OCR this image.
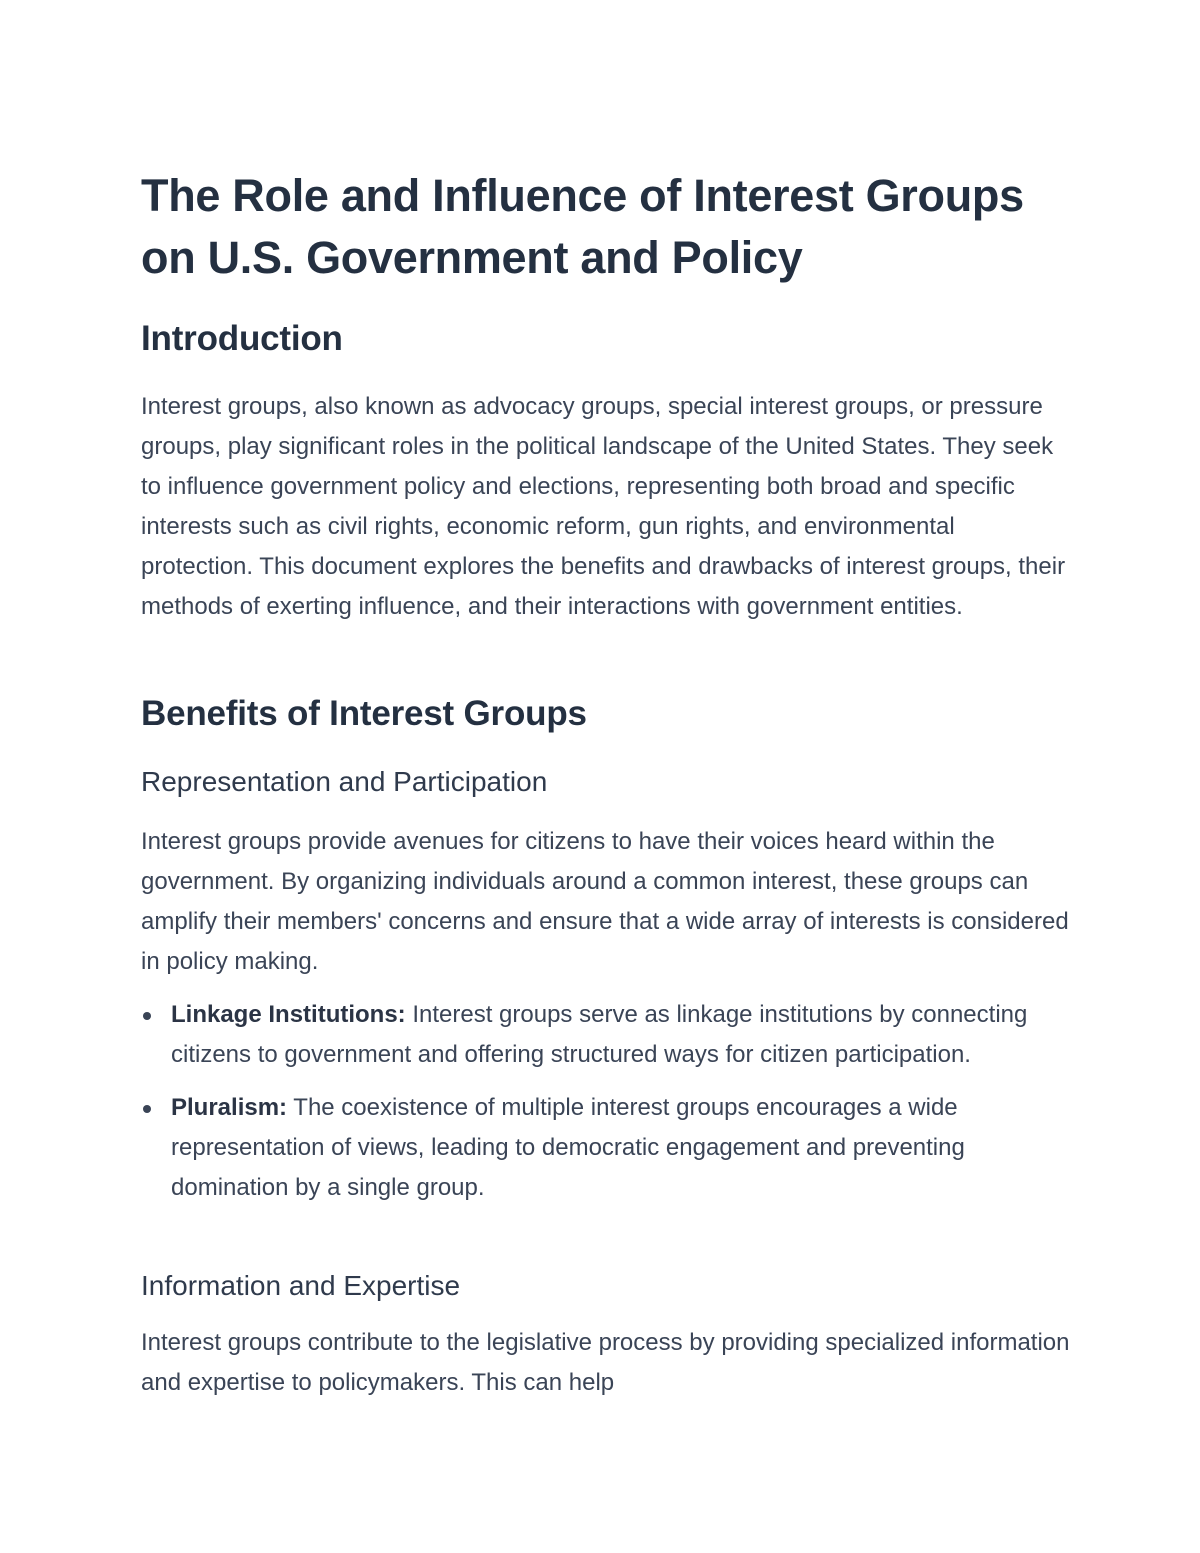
The Role and Influence of Interest Groups on U.S. Government and Policy
Introduction

Interest groups, also known as advocacy groups, special interest groups, or pressure groups, play significant roles in the political landscape of the United States. They seek to influence government policy and elections, representing both broad and specific interests such as civil rights, economic reform, gun rights, and environmental protection. This document explores the benefits and drawbacks of interest groups, their methods of exerting influence, and their interactions with government entities.

Benefits of Interest Groups
Representation and Participation

Interest groups provide avenues for citizens to have their voices heard within the government. By organizing individuals around a common interest, these groups can amplify their members' concerns and ensure that a wide array of interests is considered in policy making.

Linkage Institutions: Interest groups serve as linkage institutions by connecting citizens to government and offering structured ways for citizen participation.
Pluralism: The coexistence of multiple interest groups encourages a wide representation of views, leading to democratic engagement and preventing domination by a single group.
Information and Expertise

Interest groups contribute to the legislative process by providing specialized information and expertise to policymakers. This can help
